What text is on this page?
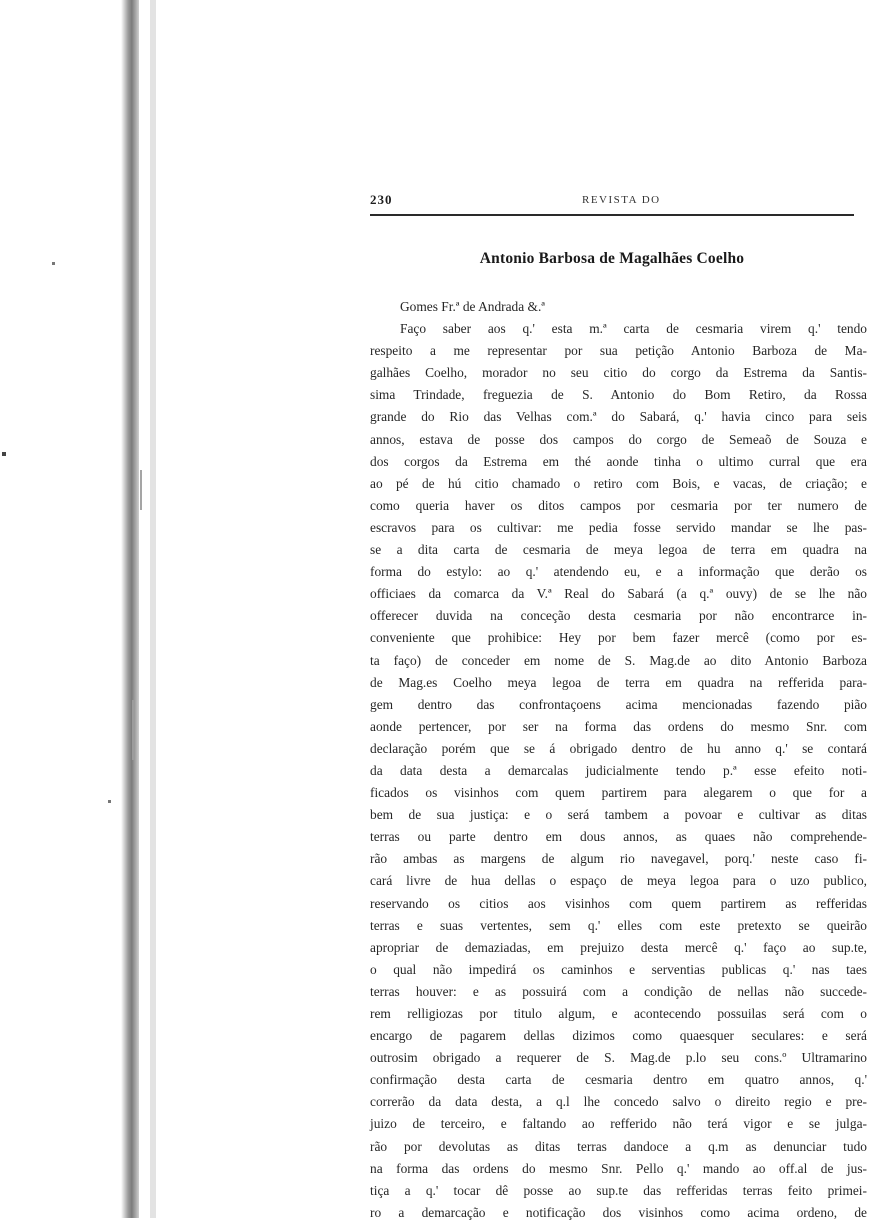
230	REVISTA DO
Antonio Barbosa de Magalhães Coelho
Gomes Fr.ª de Andrada &.ª
Faço saber aos q.' esta m.ª carta de cesmaria virem q.' tendo
respeito a me representar por sua petição Antonio Barboza de Ma-
galhães Coelho, morador no seu citio do corgo da Estrema da Santis-
sima Trindade, freguezia de S. Antonio do Bom Retiro, da Rossa
grande do Rio das Velhas com.ª do Sabará, q.' havia cinco para seis
annos, estava de posse dos campos do corgo de Semeaõ de Souza e
dos corgos da Estrema em thé aonde tinha o ultimo curral que era
ao pé de hú citio chamado o retiro com Bois, e vacas, de criação; e
como queria haver os ditos campos por cesmaria por ter numero de
escravos para os cultivar: me pedia fosse servido mandar se lhe pas-
se a dita carta de cesmaria de meya legoa de terra em quadra na
forma do estylo: ao q.' atendendo eu, e a informação que derão os
officiaes da comarca da V.ª Real do Sabará (a q.ª ouvy) de se lhe não
offerecer duvida na conceção desta cesmaria por não encontrarce in-
conveniente que prohibice: Hey por bem fazer mercê (como por es-
ta faço) de conceder em nome de S. Mag.de ao dito Antonio Barboza
de Mag.es Coelho meya legoa de terra em quadra na refferida para-
gem dentro das confrontaçoens acima mencionadas fazendo pião
aonde pertencer, por ser na forma das ordens do mesmo Snr. com
declaração porém que se á obrigado dentro de hu anno q.' se contará
da data desta a demarcalas judicialmente tendo p.ª esse efeito noti-
ficados os visinhos com quem partirem para alegarem o que for a
bem de sua justiça: e o será tambem a povoar e cultivar as ditas
terras ou parte dentro em dous annos, as quaes não comprehende-
rão ambas as margens de algum rio navegavel, porq.' neste caso fi-
cará livre de hua dellas o espaço de meya legoa para o uzo publico,
reservando os citios aos visinhos com quem partirem as refferidas
terras e suas vertentes, sem q.' elles com este pretexto se queirão
apropriar de demaziadas, em prejuizo desta mercê q.' faço ao sup.te,
o qual não impedirá os caminhos e serventias publicas q.' nas taes
terras houver: e as possuirá com a condição de nellas não succede-
rem relligiozas por titulo algum, e acontecendo possuilas será com o
encargo de pagarem dellas dizimos como quaesquer seculares: e será
outrosim obrigado a requerer de S. Mag.de p.lo seu cons.º Ultramarino
confirmação desta carta de cesmaria dentro em quatro annos, q.'
correrão da data desta, a q.l lhe concedo salvo o direito regio e pre-
juizo de terceiro, e faltando ao refferido não terá vigor e se julga-
rão por devolutas as ditas terras dandoce a q.m as denunciar tudo
na forma das ordens do mesmo Snr. Pello q.' mando ao off.al de jus-
tiça a q.' tocar dê posse ao sup.te das refferidas terras feito primei-
ro a demarcação e notificação dos visinhos como acima ordeno, de
